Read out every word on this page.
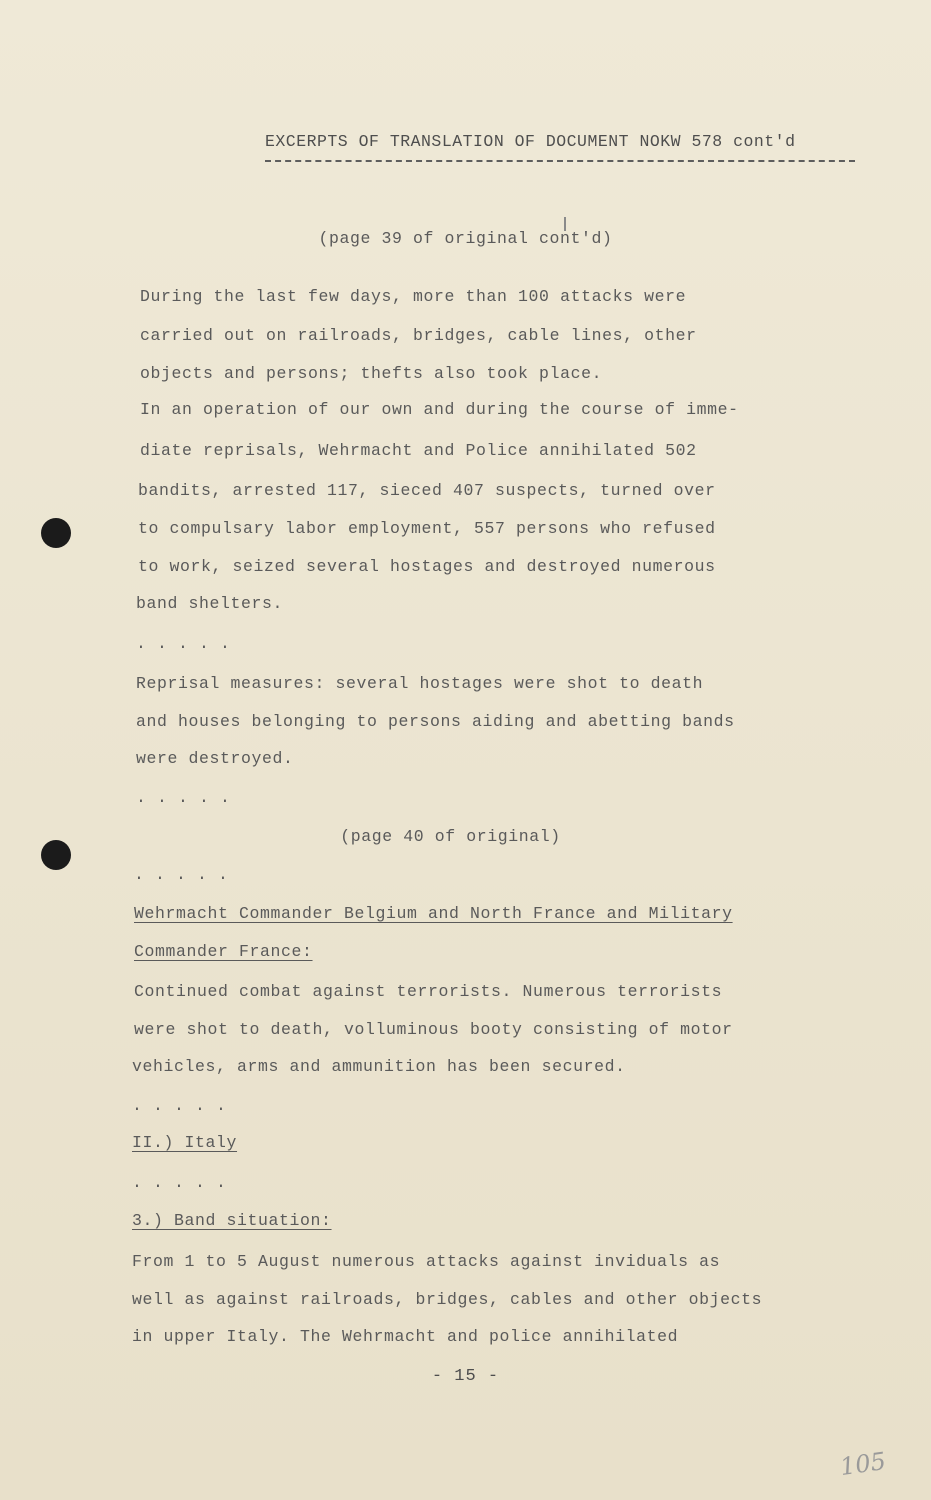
EXCERPTS OF TRANSLATION OF DOCUMENT NOKW 578 cont'd
(page 39 of original cont'd)
During the last few days, more than 100 attacks were
carried out on railroads, bridges, cable lines, other
objects and persons; thefts also took place.
In an operation of our own and during the course of imme-
diate reprisals, Wehrmacht and Police annihilated 502
bandits, arrested 117, sieced 407 suspects, turned over
to compulsary labor employment, 557 persons who refused
to work, seized several hostages and destroyed numerous
band shelters.
. . . . .
Reprisal measures: several hostages were shot to death
and houses belonging to persons aiding and abetting bands
were destroyed.
. . . . .
(page 40 of original)
. . . . .
Wehrmacht Commander Belgium and North France and Military
Commander France:
Continued combat against terrorists. Numerous terrorists
were shot to death, volluminous booty consisting of motor
vehicles, arms and ammunition has been secured.
. . . . .
II.) Italy
. . . . .
3.) Band situation:
From 1 to 5 August numerous attacks against inviduals as
well as against railroads, bridges, cables and other objects
in upper Italy. The Wehrmacht and police annihilated
- 15 -
105
